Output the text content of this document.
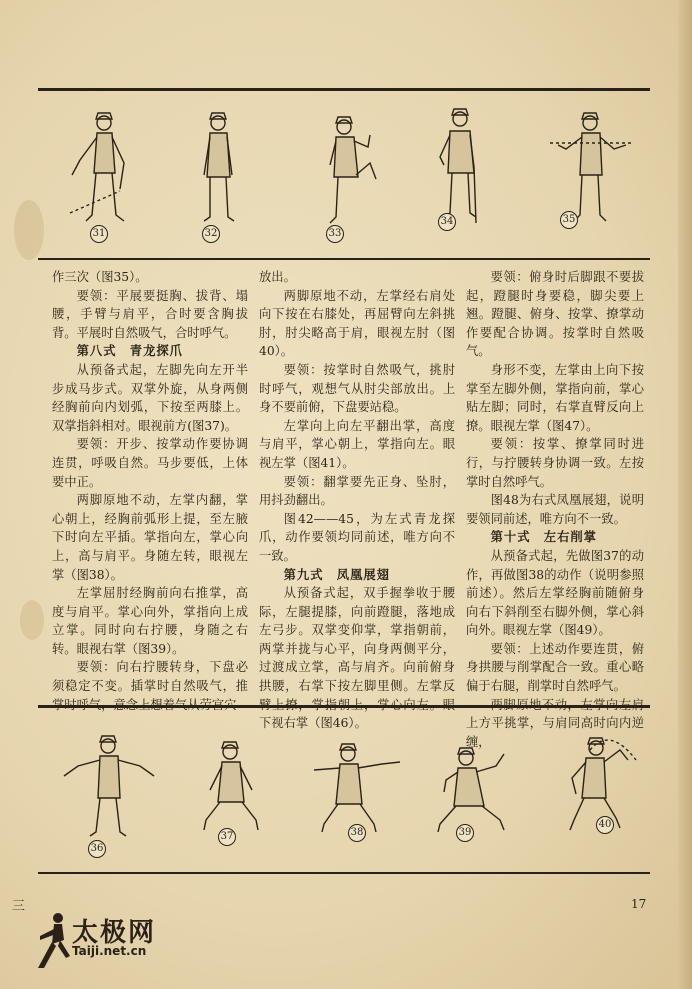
31	32	33
34	35

作三次（图35）。

要领：平展要挺胸、拔背、塌腰，手臂与肩平，合时要含胸拔背。平展时自然吸气，合时呼气。

第八式　青龙探爪

从预备式起，左脚先向左开半步成马步式。双掌外旋，从身两侧经胸前向内划弧，下按至两膝上。双掌指斜相对。眼视前方(图37)。

要领：开步、按掌动作要协调连贯，呼吸自然。马步要低，上体要中正。

两脚原地不动，左掌内翻，掌心朝上，经胸前弧形上提，至左腋下时向左平插。掌指向左，掌心向上，高与肩平。身随左转，眼视左掌（图38）。

左掌屈肘经胸前向右推掌，高度与肩平。掌心向外，掌指向上成立掌。同时向右拧腰，身随之右转。眼视右掌（图39）。

要领：向右拧腰转身，下盘必须稳定不变。插掌时自然吸气，推

放出。

两脚原地不动，左掌经右肩处向下按在右膝处，再屈臂向左斜挑肘，肘尖略高于肩，眼视左肘（图40）。

要领：按掌时自然吸气，挑肘时呼气，观想气从肘尖部放出。上身不要前俯，下盘要站稳。

左掌向上向左平翻出掌，高度与肩平，掌心朝上，掌指向左。眼视左掌（图41）。

要领：翻掌要先正身、坠肘，用抖劲翻出。

图42——45，为左式青龙探爪，动作要领均同前述，唯方向不一致。

第九式　凤凰展翅

从预备式起，双手握拳收于腰际，左腿提膝，向前蹬腿，落地成左弓步。双掌变仰掌，掌指朝前，两掌并拢与心平，向身两侧平分，过渡成立掌，高与肩齐。向前俯身拱腰，右掌下按左脚里侧。左掌反 下视右掌（图46）。

要领：俯身时后脚跟不要拔起，蹬腿时身要稳，脚尖要上翘。蹬腿、俯身、按掌、撩掌动作要配合协调。按掌时自然吸气。

身形不变，左掌由上向下按掌至左脚外侧，掌指向前，掌心贴左脚；同时，右掌直臂反向上撩。眼视左掌（图47）。

要领：按掌、撩掌同时进行，与拧腰转身协调一致。左按掌时自然呼气。

图48为右式凤凰展翅，说明要领同前述，唯方向不一致。

第十式　左右削掌

从预备式起，先做图37的动作，再做图38的动作（说明参照前述）。然后左掌经胸前随俯身向右下斜削至右脚外侧，掌心斜向外。眼视左掌（图49）。

要领：上述动作要连贯，俯身拱腰与削掌配合一致。重心略偏于右腿，削掌时自然呼气。

上方平挑掌，与肩同高时向内逆缠，

36
37	38	39
40
三	17
太极网
Taiji.net.cn
